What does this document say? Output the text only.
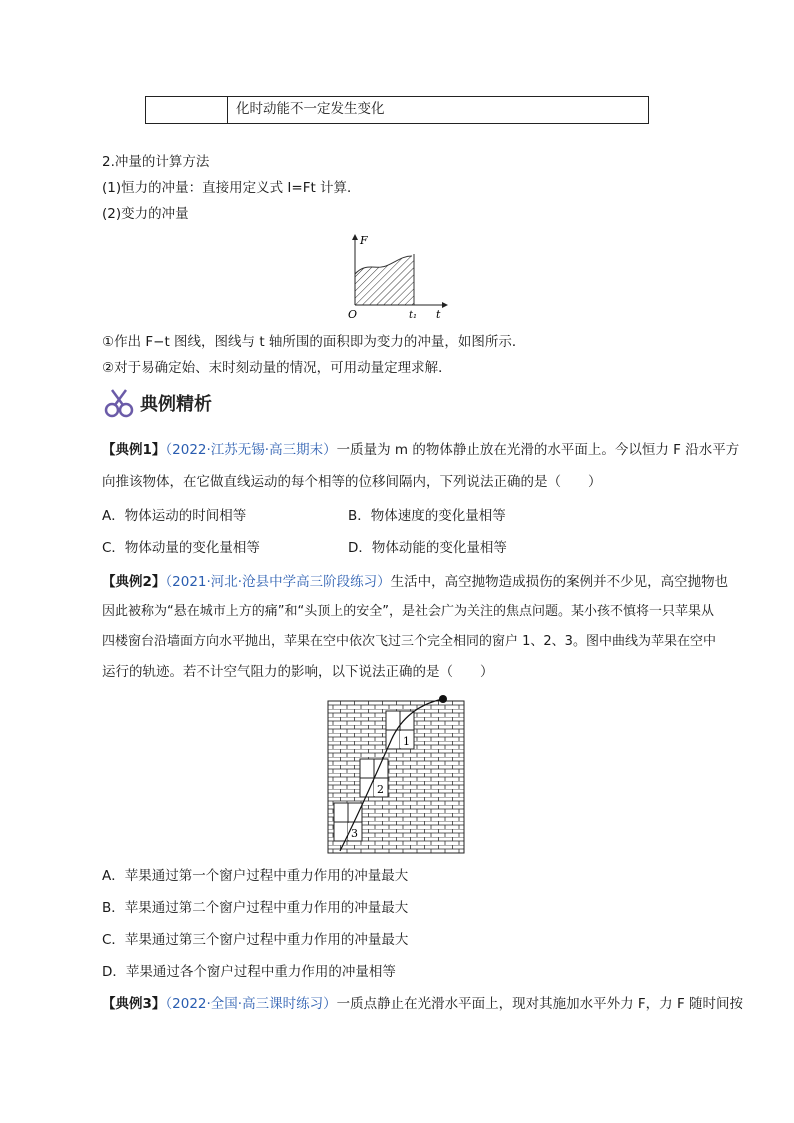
化时动能不一定发生变化
2.冲量的计算方法
(1)恒力的冲量：直接用定义式 I=Ft 计算．
(2)变力的冲量
F
O	t₁ t
①作出 F−t 图线，图线与 t 轴所围的面积即为变力的冲量，如图所示．
②对于易确定始、末时刻动量的情况，可用动量定理求解．
典例精析
【典例1】（2022·江苏无锡·高三期末）一质量为 m 的物体静止放在光滑的水平面上。今以恒力 F 沿水平方
向推该物体，在它做直线运动的每个相等的位移间隔内，下列说法正确的是（　　）
A．物体运动的时间相等	B．物体速度的变化量相等
C．物体动量的变化量相等	D．物体动能的变化量相等
【典例2】（2021·河北·沧县中学高三阶段练习）生活中，高空抛物造成损伤的案例并不少见，高空抛物也
因此被称为“悬在城市上方的痛”和“头顶上的安全”，是社会广为关注的焦点问题。某小孩不慎将一只苹果从
四楼窗台沿墙面方向水平抛出，苹果在空中依次飞过三个完全相同的窗户 1、2、3。图中曲线为苹果在空中
运行的轨迹。若不计空气阻力的影响，以下说法正确的是（　　）
1
2
3
A．苹果通过第一个窗户过程中重力作用的冲量最大
B．苹果通过第二个窗户过程中重力作用的冲量最大
C．苹果通过第三个窗户过程中重力作用的冲量最大
D．苹果通过各个窗户过程中重力作用的冲量相等
【典例3】（2022·全国·高三课时练习）一质点静止在光滑水平面上，现对其施加水平外力 F，力 F 随时间按
